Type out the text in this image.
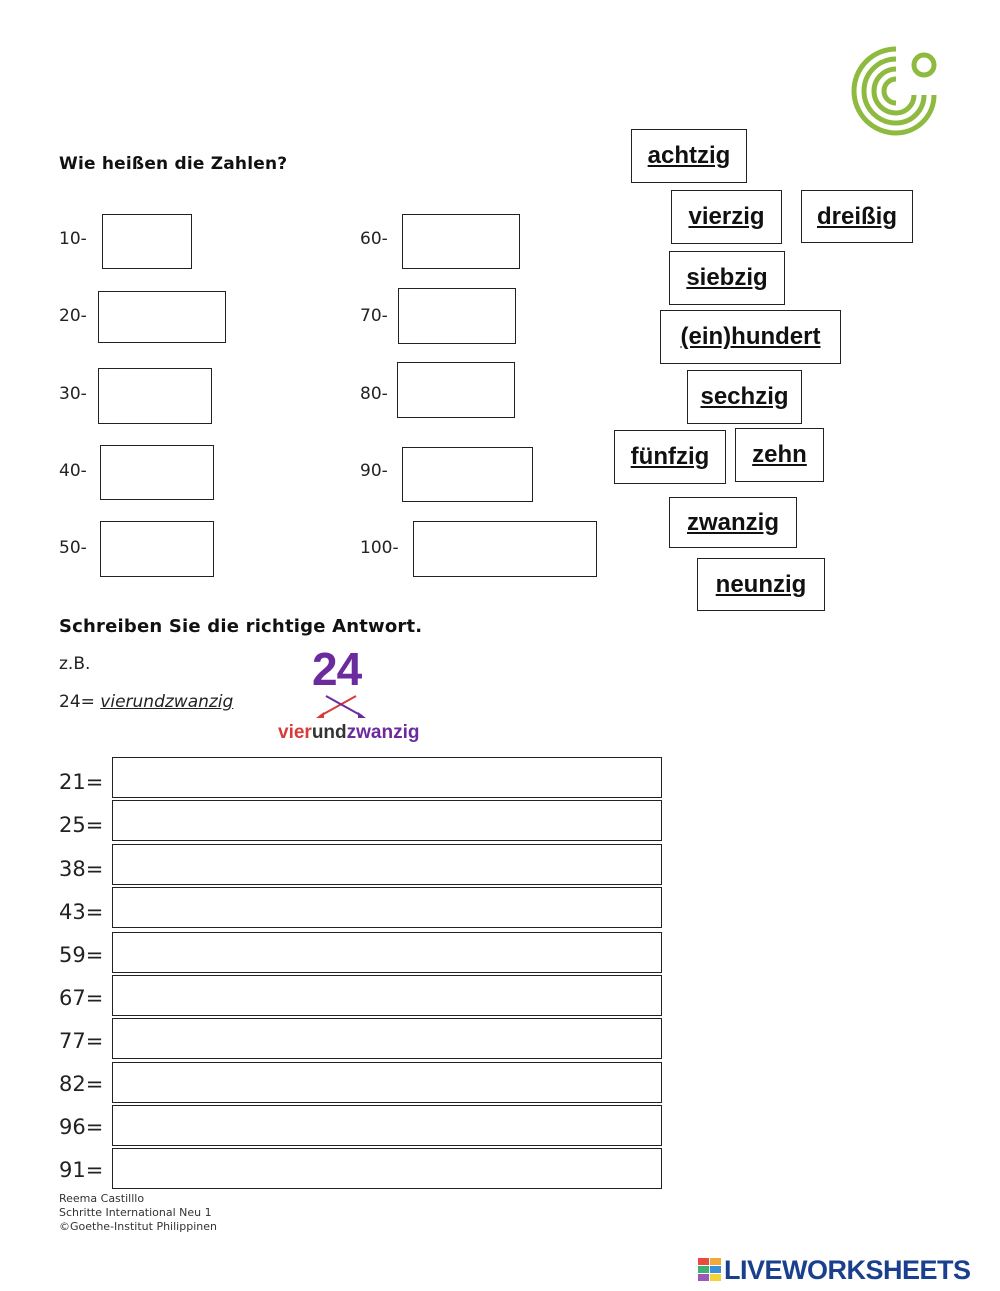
Wie heißen die Zahlen?
10-
20-
30-
40-
50-
60-
70-
80-
90-
100-
achtzig
vierzig	dreißig
siebzig
(ein)hundert
sechzig
fünfzig	zehn
zwanzig
neunzig
Schreiben Sie die richtige Antwort.
z.B.
24= vierundzwanzig
24
vierundzwanzig
21=
25=
38=
43=
59=
67=
77=
82=
96=
91=
Reema Castilllo
Schritte International Neu 1
©Goethe-Institut Philippinen
LIVEWORKSHEETS
